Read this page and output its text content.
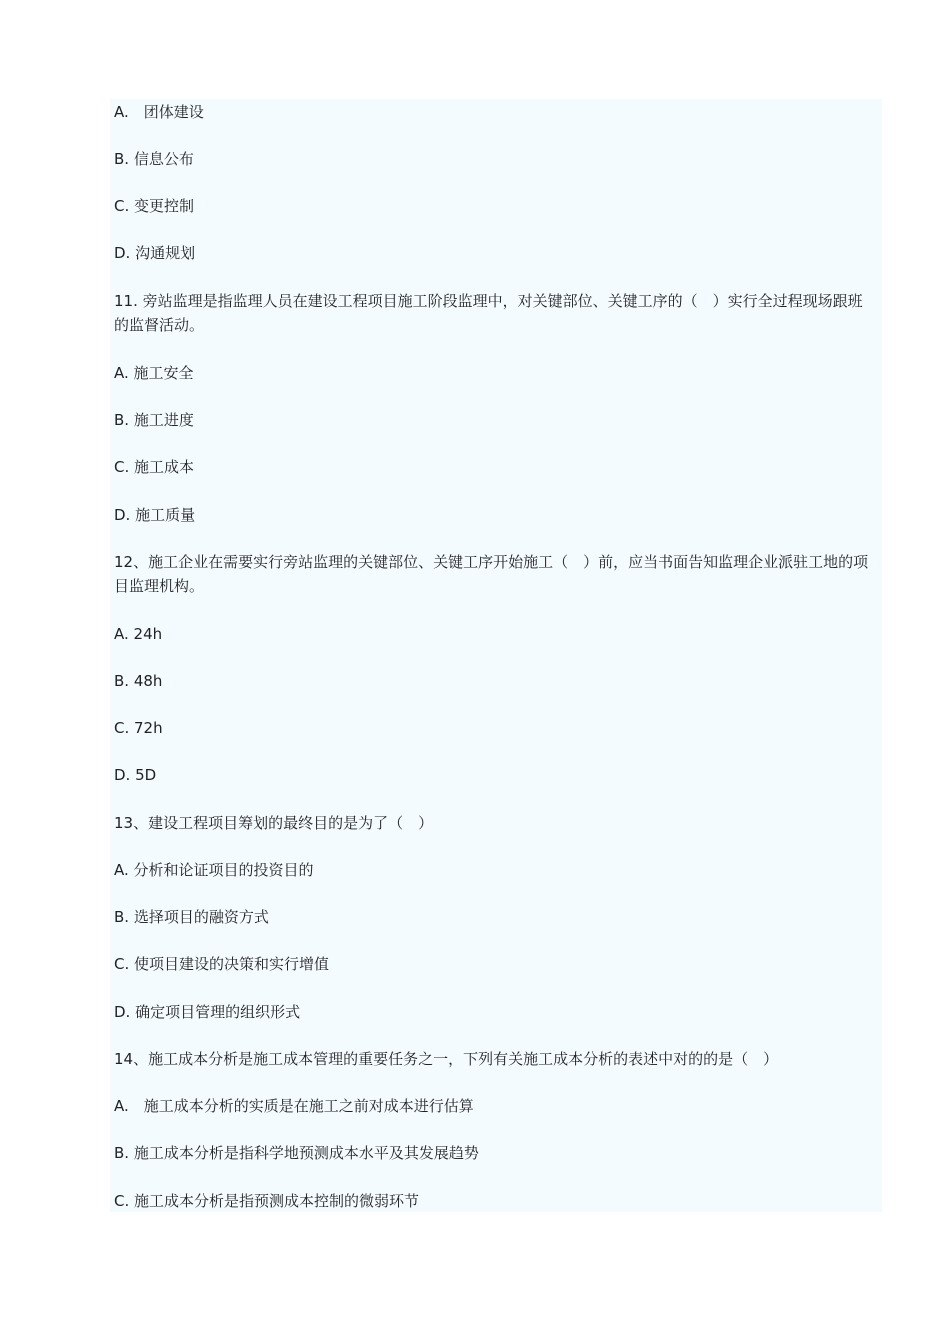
A.　团体建设
B. 信息公布
C. 变更控制
D. 沟通规划
11. 旁站监理是指监理人员在建设工程项目施工阶段监理中，对关键部位、关键工序的（　）实行全过程现场跟班的监督活动。
A. 施工安全
B. 施工进度
C. 施工成本
D. 施工质量
12、施工企业在需要实行旁站监理的关键部位、关键工序开始施工（　）前，应当书面告知监理企业派驻工地的项目监理机构。
A. 24h
B. 48h
C. 72h
D. 5D
13、建设工程项目筹划的最终目的是为了（　）
A. 分析和论证项目的投资目的
B. 选择项目的融资方式
C. 使项目建设的决策和实行增值
D. 确定项目管理的组织形式
14、施工成本分析是施工成本管理的重要任务之一，下列有关施工成本分析的表述中对的的是（　）
A.　施工成本分析的实质是在施工之前对成本进行估算
B. 施工成本分析是指科学地预测成本水平及其发展趋势
C. 施工成本分析是指预测成本控制的微弱环节
